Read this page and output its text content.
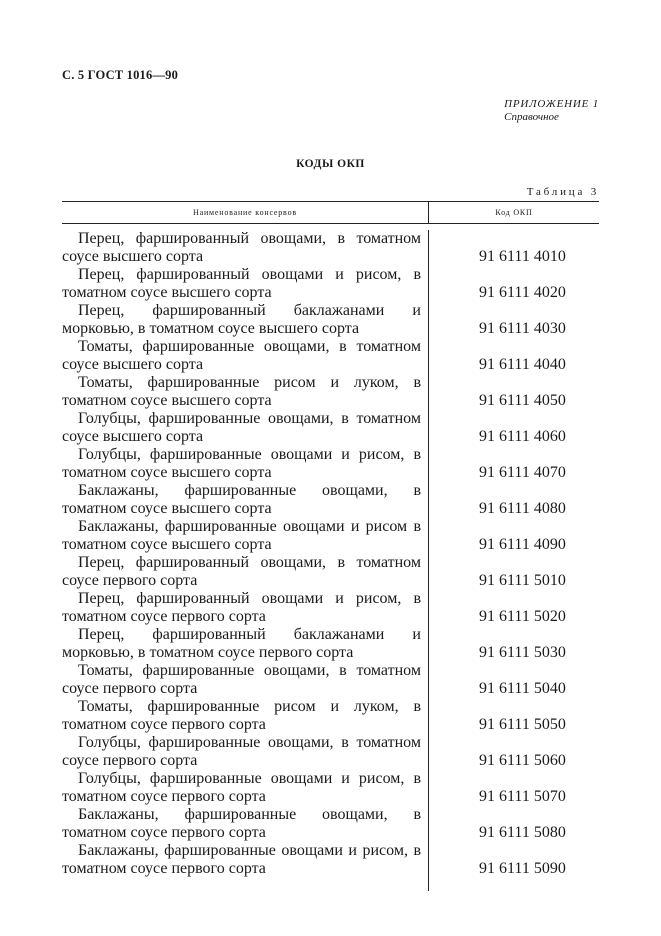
С. 5 ГОСТ 1016—90
ПРИЛОЖЕНИЕ 1
Справочное
КОДЫ ОКП
Таблица 3
Наименование консервов	Код ОКП
Перец, фаршированный овощами, в томатном соусе высшего сорта	91 6111 4010
Перец, фаршированный овощами и рисом, в томатном соусе высшего сорта	91 6111 4020
Перец, фаршированный баклажанами и морковью, в томатном соусе высшего сорта	91 6111 4030
Томаты, фаршированные овощами, в томатном соусе высшего сорта	91 6111 4040
Томаты, фаршированные рисом и луком, в томатном соусе высшего сорта	91 6111 4050
Голубцы, фаршированные овощами, в томатном соусе высшего сорта	91 6111 4060
Голубцы, фаршированные овощами и рисом, в томатном соусе высшего сорта	91 6111 4070
Баклажаны, фаршированные овощами, в томатном соусе высшего сорта	91 6111 4080
Баклажаны, фаршированные овощами и рисом в томатном соусе высшего сорта	91 6111 4090
Перец, фаршированный овощами, в томатном соусе первого сорта	91 6111 5010
Перец, фаршированный овощами и рисом, в томатном соусе первого сорта	91 6111 5020
Перец, фаршированный баклажанами и морковью, в томатном соусе первого сорта	91 6111 5030
Томаты, фаршированные овощами, в томатном соусе первого сорта	91 6111 5040
Томаты, фаршированные рисом и луком, в томатном соусе первого сорта	91 6111 5050
Голубцы, фаршированные овощами, в томатном соусе первого сорта	91 6111 5060
Голубцы, фаршированные овощами и рисом, в томатном соусе первого сорта	91 6111 5070
Баклажаны, фаршированные овощами, в томатном соусе первого сорта	91 6111 5080
Баклажаны, фаршированные овощами и рисом, в томатном соусе первого сорта	91 6111 5090
